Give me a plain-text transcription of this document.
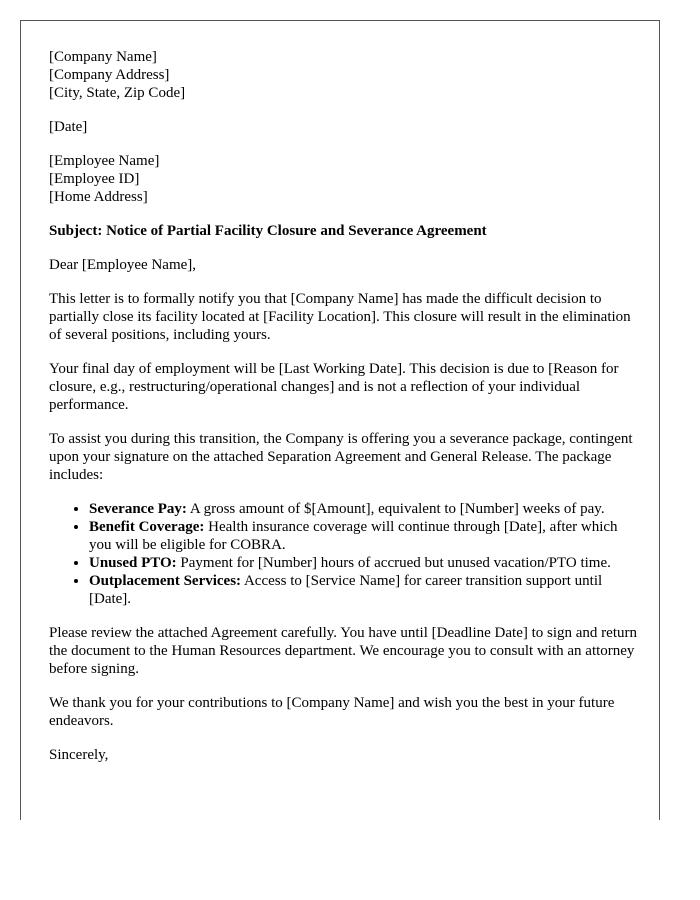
[Company Name]
[Company Address]
[City, State, Zip Code]
[Date]
[Employee Name]
[Employee ID]
[Home Address]

Subject: Notice of Partial Facility Closure and Severance Agreement

Dear [Employee Name],

This letter is to formally notify you that [Company Name] has made the difficult decision to partially close its facility located at [Facility Location]. This closure will result in the elimination of several positions, including yours.

Your final day of employment will be [Last Working Date]. This decision is due to [Reason for closure, e.g., restructuring/operational changes] and is not a reflection of your individual performance.

To assist you during this transition, the Company is offering you a severance package, contingent upon your signature on the attached Separation Agreement and General Release. The package includes:

• Severance Pay: A gross amount of $[Amount], equivalent to [Number] weeks of pay.
• Benefit Coverage: Health insurance coverage will continue through [Date], after which you will be eligible for COBRA.
• Unused PTO: Payment for [Number] hours of accrued but unused vacation/PTO time.
• Outplacement Services: Access to [Service Name] for career transition support until [Date].

Please review the attached Agreement carefully. You have until [Deadline Date] to sign and return the document to the Human Resources department. We encourage you to consult with an attorney before signing.

We thank you for your contributions to [Company Name] and wish you the best in your future endeavors.

Sincerely,
